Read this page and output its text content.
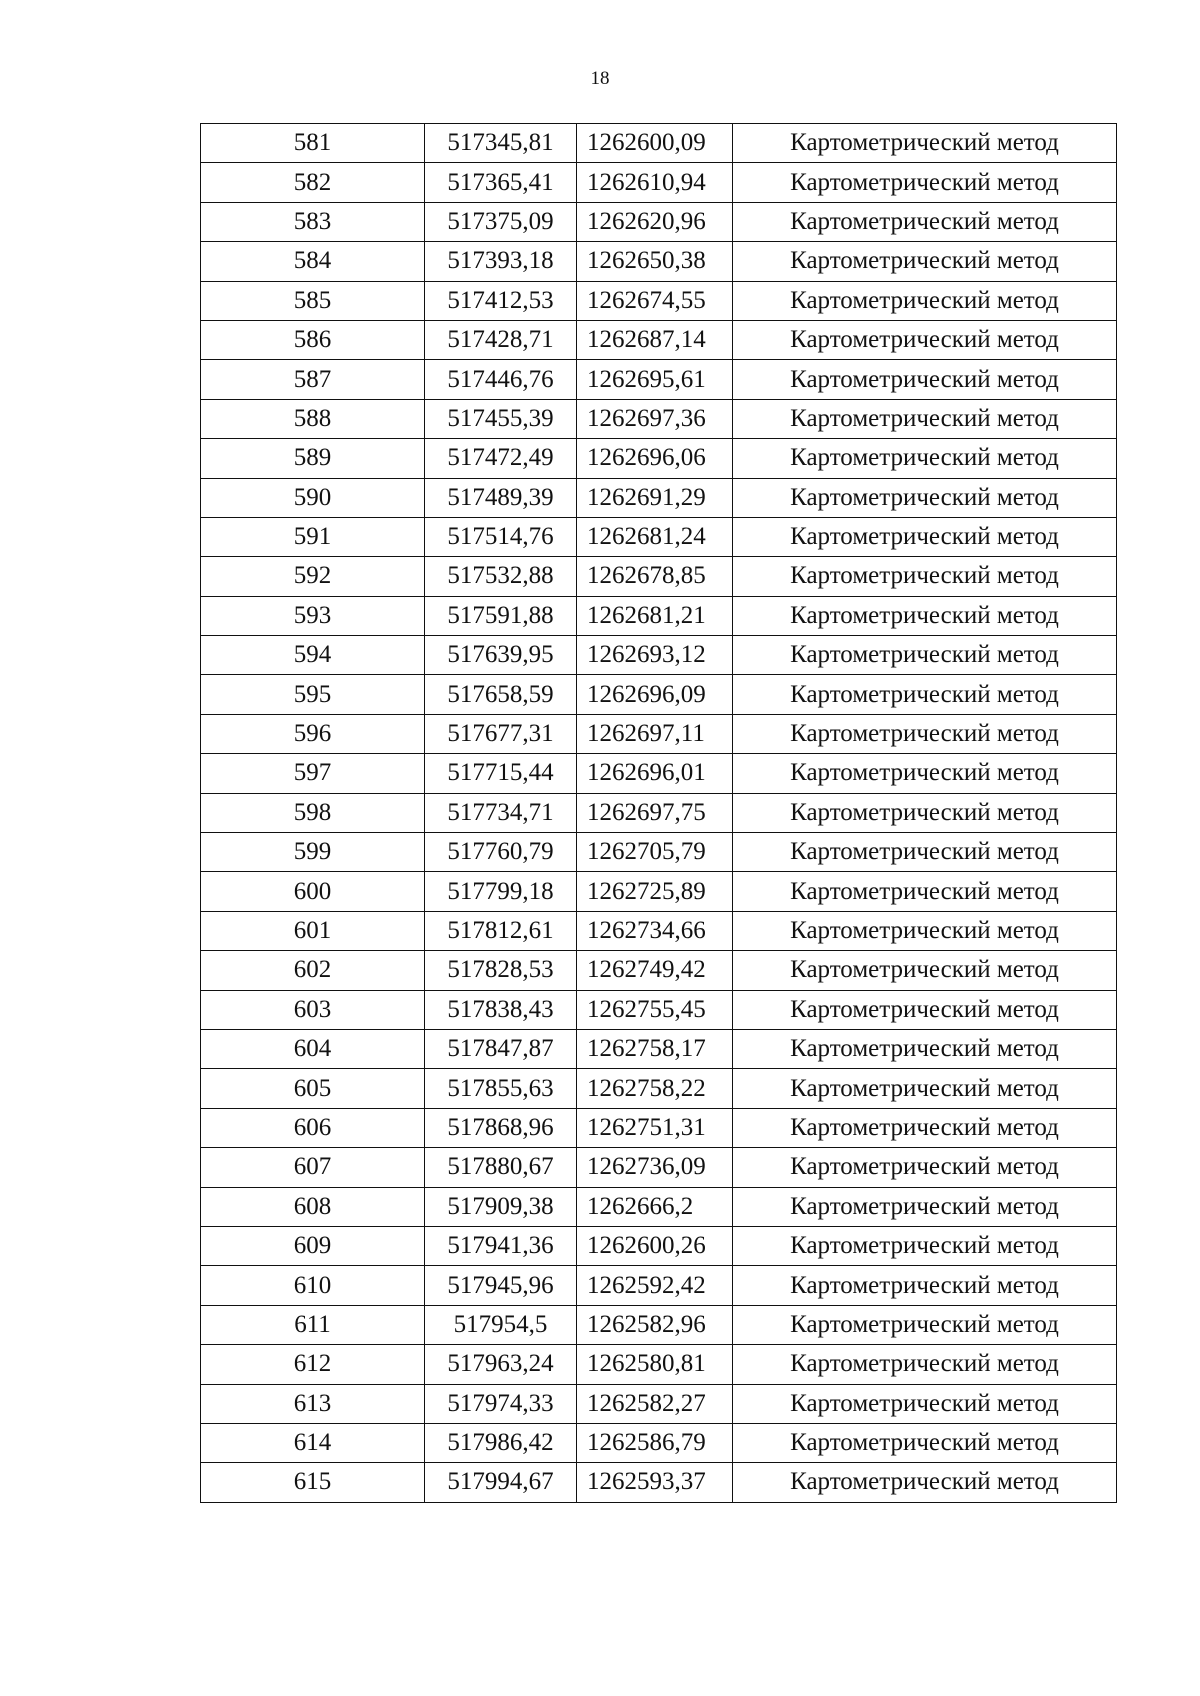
18
581	517345,81	1262600,09	Картометрический метод
582	517365,41	1262610,94	Картометрический метод
583	517375,09	1262620,96	Картометрический метод
584	517393,18	1262650,38	Картометрический метод
585	517412,53	1262674,55	Картометрический метод
586	517428,71	1262687,14	Картометрический метод
587	517446,76	1262695,61	Картометрический метод
588	517455,39	1262697,36	Картометрический метод
589	517472,49	1262696,06	Картометрический метод
590	517489,39	1262691,29	Картометрический метод
591	517514,76	1262681,24	Картометрический метод
592	517532,88	1262678,85	Картометрический метод
593	517591,88	1262681,21	Картометрический метод
594	517639,95	1262693,12	Картометрический метод
595	517658,59	1262696,09	Картометрический метод
596	517677,31	1262697,11	Картометрический метод
597	517715,44	1262696,01	Картометрический метод
598	517734,71	1262697,75	Картометрический метод
599	517760,79	1262705,79	Картометрический метод
600	517799,18	1262725,89	Картометрический метод
601	517812,61	1262734,66	Картометрический метод
602	517828,53	1262749,42	Картометрический метод
603	517838,43	1262755,45	Картометрический метод
604	517847,87	1262758,17	Картометрический метод
605	517855,63	1262758,22	Картометрический метод
606	517868,96	1262751,31	Картометрический метод
607	517880,67	1262736,09	Картометрический метод
608	517909,38	1262666,2	Картометрический метод
609	517941,36	1262600,26	Картометрический метод
610	517945,96	1262592,42	Картометрический метод
611	517954,5	1262582,96	Картометрический метод
612	517963,24	1262580,81	Картометрический метод
613	517974,33	1262582,27	Картометрический метод
614	517986,42	1262586,79	Картометрический метод
615	517994,67	1262593,37	Картометрический метод
